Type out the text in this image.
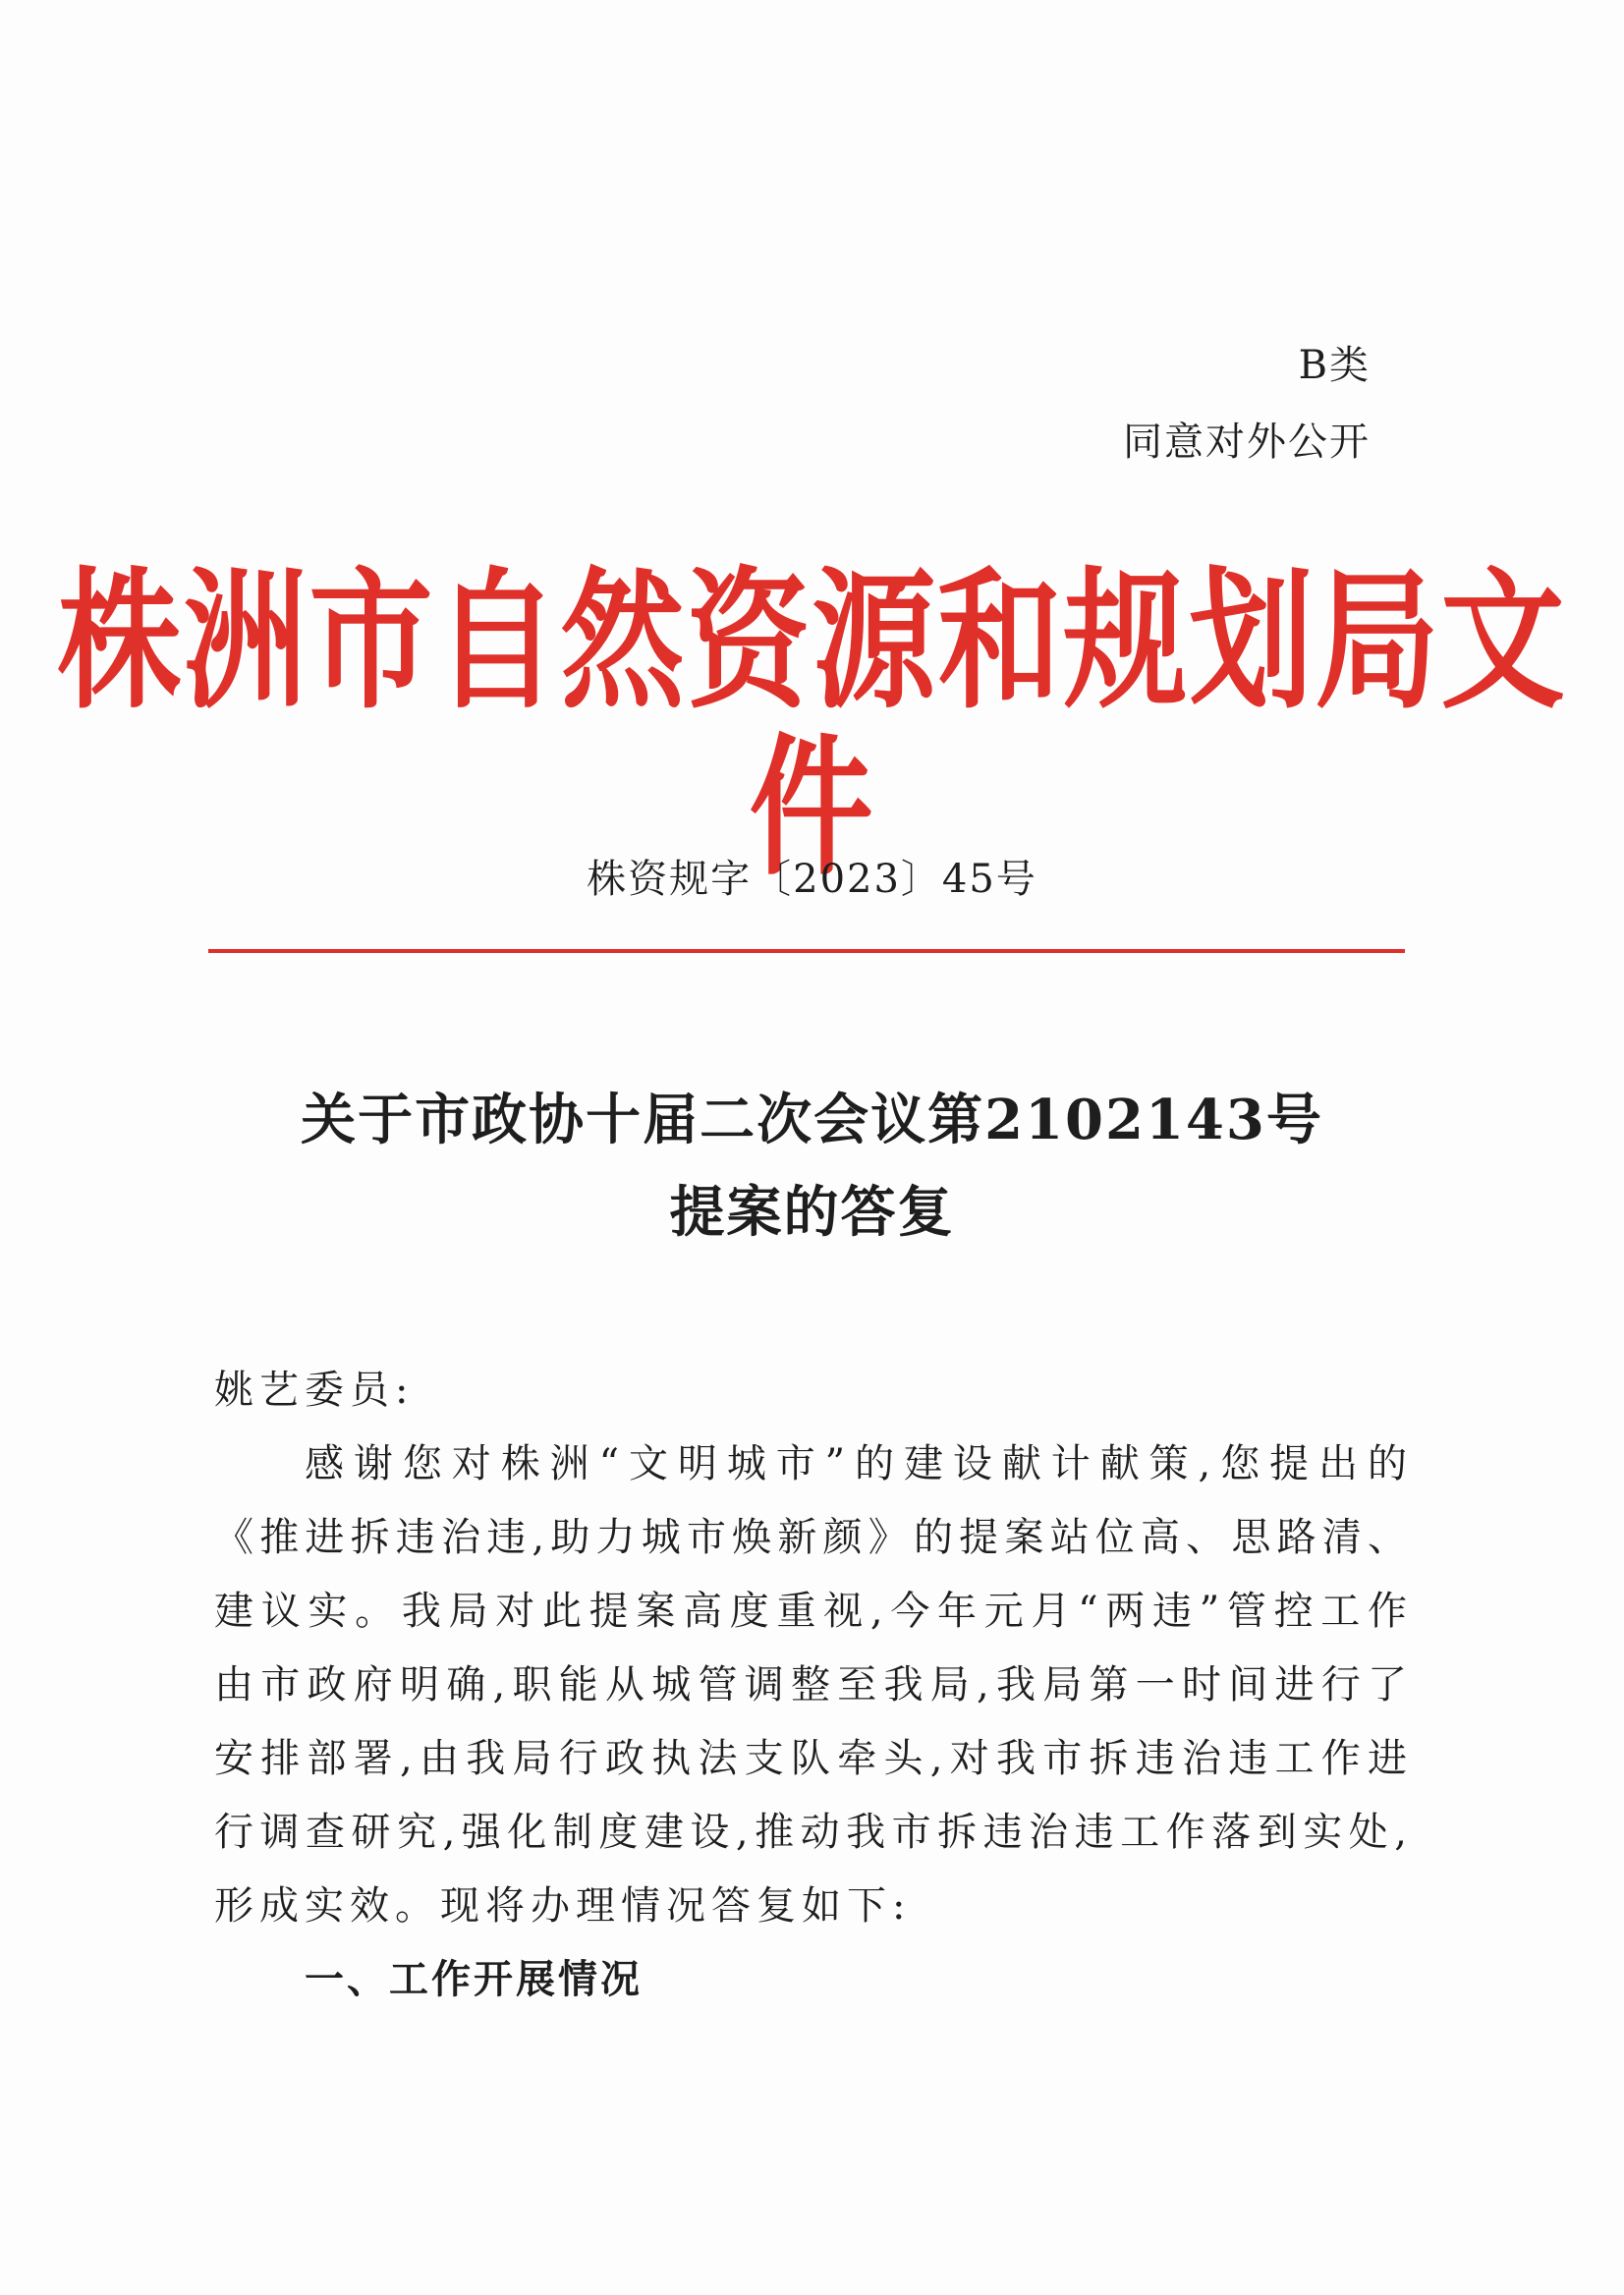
B类
同意对外公开
株洲市自然资源和规划局文件
株资规字〔2023〕45号
关于市政协十届二次会议第2102143号
提案的答复

姚艺委员:

感谢您对株洲“文明城市”的建设献计献策,您提出的《推进拆违治违,助力城市焕新颜》的提案站位高、思路清、建议实。我局对此提案高度重视,今年元月“两违”管控工作由市政府明确,职能从城管调整至我局,我局第一时间进行了安排部署,由我局行政执法支队牵头,对我市拆违治违工作进行调查研究,强化制度建设,推动我市拆违治违工作落到实处,形成实效。现将办理情况答复如下:

一、工作开展情况
